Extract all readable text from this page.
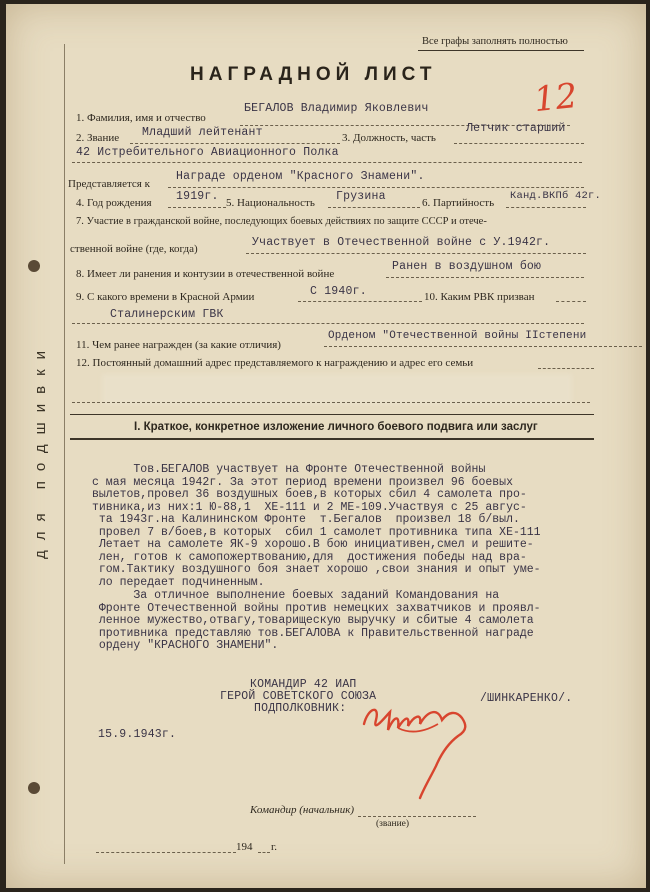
для подшивки
Все графы заполнять полностью
НАГРАДНОЙ ЛИСТ
12
1. Фамилия, имя и отчество
БЕГАЛОВ Владимир Яковлевич
2. Звание Младший лейтенант	3. Должность, часть
Летчик старший
42 Истребительного Авиационного Полка
Представляется к
Награде орденом "Красного Знамени".
4. Год рождения 1919г. 5. Национальность Грузина	6. Партийность
Канд.ВКПб 42г.
7. Участие в гражданской войне, последующих боевых действиях по защите СССР и отече-
ственной войне (где, когда)	Участвует в Отечественной войне с У.1942г.
8. Имеет ли ранения и контузии в отечественной войне
Ранен в воздушном бою
9. С какого времени в Красной Армии	С 1940г.	10. Каким РВК призван
Сталинерским ГВК
11. Чем ранее награжден (за какие отличия)
Орденом "Отечественной войны IIстепени
12. Постоянный домашний адрес представляемого к награждению и адрес его семьи
I. Краткое, конкретное изложение личного боевого подвига или заслуг
Тов.БЕГАЛОВ участвует на Фронте Отечественной войны
с мая месяца 1942г. За этот период времени произвел 96 боевых
вылетов,провел 36 воздушных боев,в которых сбил 4 самолета про-
тивника,из них:1 Ю-88,1  ХЕ-111 и 2 МЕ-109.Участвуя с 25 авгус-
та 1943г.на Калининском Фронте  т.Бегалов  произвел 18 б/выл.
провел 7 в/боев,в которых  сбил 1 самолет противника типа ХЕ-111
Летает на самолете ЯК-9 хорошо.В бою инициативен,смел и решите-
лен, готов к самопожертвованию,для  достижения победы над вра-
гом.Тактику воздушного боя знает хорошо ,свои знания и опыт уме-
ло передает подчиненным.
За отличное выполнение боевых заданий Командования на
Фронте Отечественной войны против немецких захватчиков и проявл-
ленное мужество,отвагу,товарищескую выручку и сбитые 4 самолета
противника представляю тов.БЕГАЛОВА к Правительственной награде
ордену "КРАСНОГО ЗНАМЕНИ".
КОМАНДИР 42 ИАП
ГЕРОЙ СОВЕТСКОГО СОЮЗА
ПОДПОЛКОВНИК:
/ШИНКАРЕНКО/.
15.9.1943г.
Командир (начальник)
(звание)
194 г.
